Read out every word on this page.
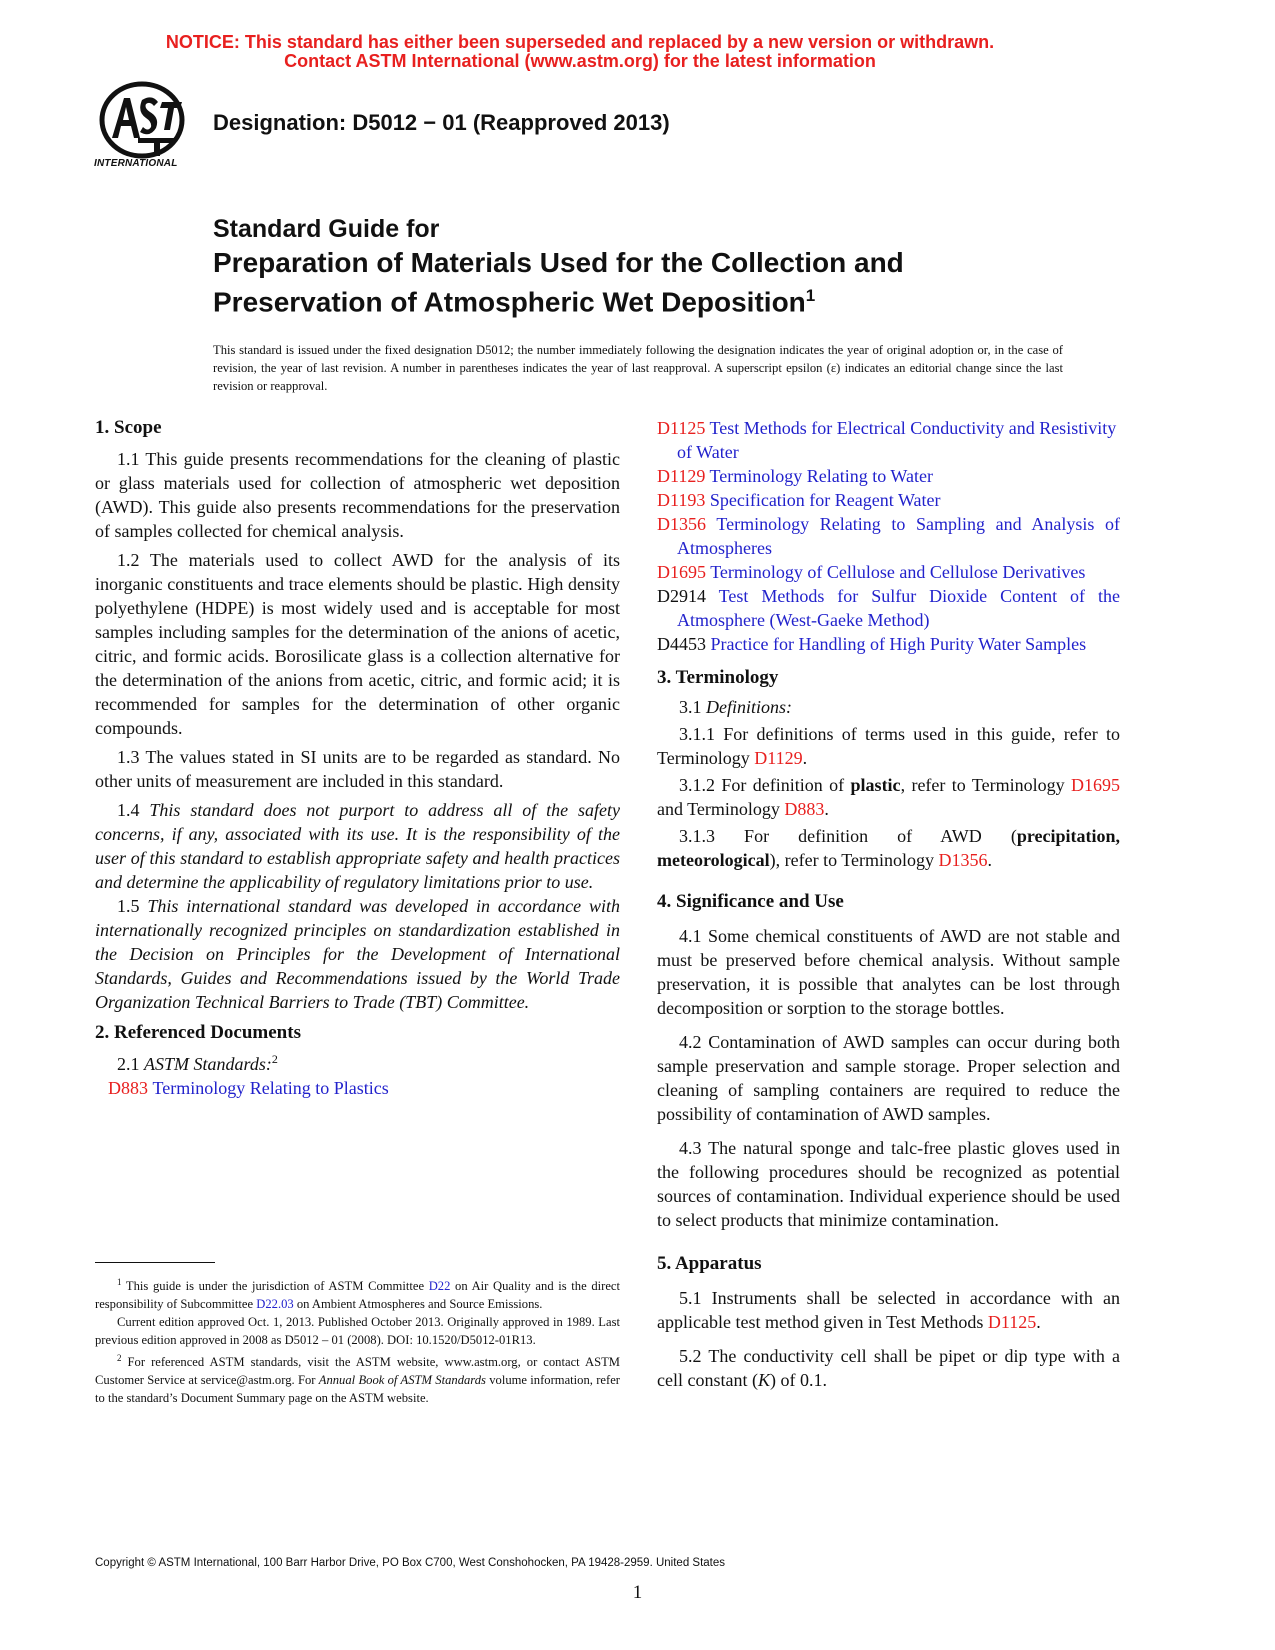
NOTICE: This standard has either been superseded and replaced by a new version or withdrawn.
Contact ASTM International (www.astm.org) for the latest information
INTERNATIONAL
Designation: D5012 − 01 (Reapproved 2013)
Standard Guide for
Preparation of Materials Used for the Collection and
Preservation of Atmospheric Wet Deposition$^1$
This standard is issued under the fixed designation D5012; the number immediately following the designation indicates the year of original adoption or, in the case of revision, the year of last revision. A number in parentheses indicates the year of last reapproval. A superscript epsilon (ε) indicates an editorial change since the last revision or reapproval.

1. Scope

1.1 This guide presents recommendations for the cleaning of plastic or glass materials used for collection of atmospheric wet deposition (AWD). This guide also presents recommendations for the preservation of samples collected for chemical analysis.

1.2 The materials used to collect AWD for the analysis of its inorganic constituents and trace elements should be plastic. High density polyethylene (HDPE) is most widely used and is acceptable for most samples including samples for the determination of the anions of acetic, citric, and formic acids. Borosilicate glass is a collection alternative for the determination of the anions from acetic, citric, and formic acid; it is recommended for samples for the determination of other organic compounds.

1.3 The values stated in SI units are to be regarded as standard. No other units of measurement are included in this standard.

1.4 This standard does not purport to address all of the safety concerns, if any, associated with its use. It is the responsibility of the user of this standard to establish appropriate safety and health practices and determine the applicability of regulatory limitations prior to use.

1.5 This international standard was developed in accordance with internationally recognized principles on standardization established in the Decision on Principles for the Development of International Standards, Guides and Recommendations issued by the World Trade Organization Technical Barriers to Trade (TBT) Committee.

2. Referenced Documents

2.1 ASTM Standards:$^2$

D883
Terminology Relating to Plastics

$^1$ This guide is under the jurisdiction of ASTM Committee D22 on Air Quality and is the direct responsibility of Subcommittee D22.03 on Ambient Atmospheres and Source Emissions.

Current edition approved Oct. 1, 2013. Published October 2013. Originally approved in 1989. Last previous edition approved in 2008 as D5012 – 01 (2008). DOI: 10.1520/D5012-01R13.

$^2$ For referenced ASTM standards, visit the ASTM website, www.astm.org, or contact ASTM Customer Service at service@astm.org. For Annual Book of ASTM Standards volume information, refer to the standard’s Document Summary page on the ASTM website.

D1125 Test Methods for Electrical Conductivity and Resistivity of Water

D1129 Terminology Relating to Water

D1193 Specification for Reagent Water

D1356 Terminology Relating to Sampling and Analysis of Atmospheres

D1695 Terminology of Cellulose and Cellulose Derivatives

D2914 Test Methods for Sulfur Dioxide Content of the Atmosphere (West-Gaeke Method)

D4453 Practice for Handling of High Purity Water Samples

3. Terminology

3.1 Definitions:

3.1.1 For definitions of terms used in this guide, refer to Terminology D1129.

3.1.2 For definition of plastic, refer to Terminology D1695 and Terminology D883.

3.1.3 For definition of AWD (precipitation, meteorological), refer to Terminology D1356.

4. Significance and Use

4.1 Some chemical constituents of AWD are not stable and must be preserved before chemical analysis. Without sample preservation, it is possible that analytes can be lost through decomposition or sorption to the storage bottles.

4.2 Contamination of AWD samples can occur during both sample preservation and sample storage. Proper selection and cleaning of sampling containers are required to reduce the possibility of contamination of AWD samples.

4.3 The natural sponge and talc-free plastic gloves used in the following procedures should be recognized as potential sources of contamination. Individual experience should be used to select products that minimize contamination.

5. Apparatus

5.1 Instruments shall be selected in accordance with an applicable test method given in Test Methods D1125.

5.2 The conductivity cell shall be pipet or dip type with a cell constant (K) of 0.1.

Copyright © ASTM International, 100 Barr Harbor Drive, PO Box C700, West Conshohocken, PA 19428-2959. United States
1
